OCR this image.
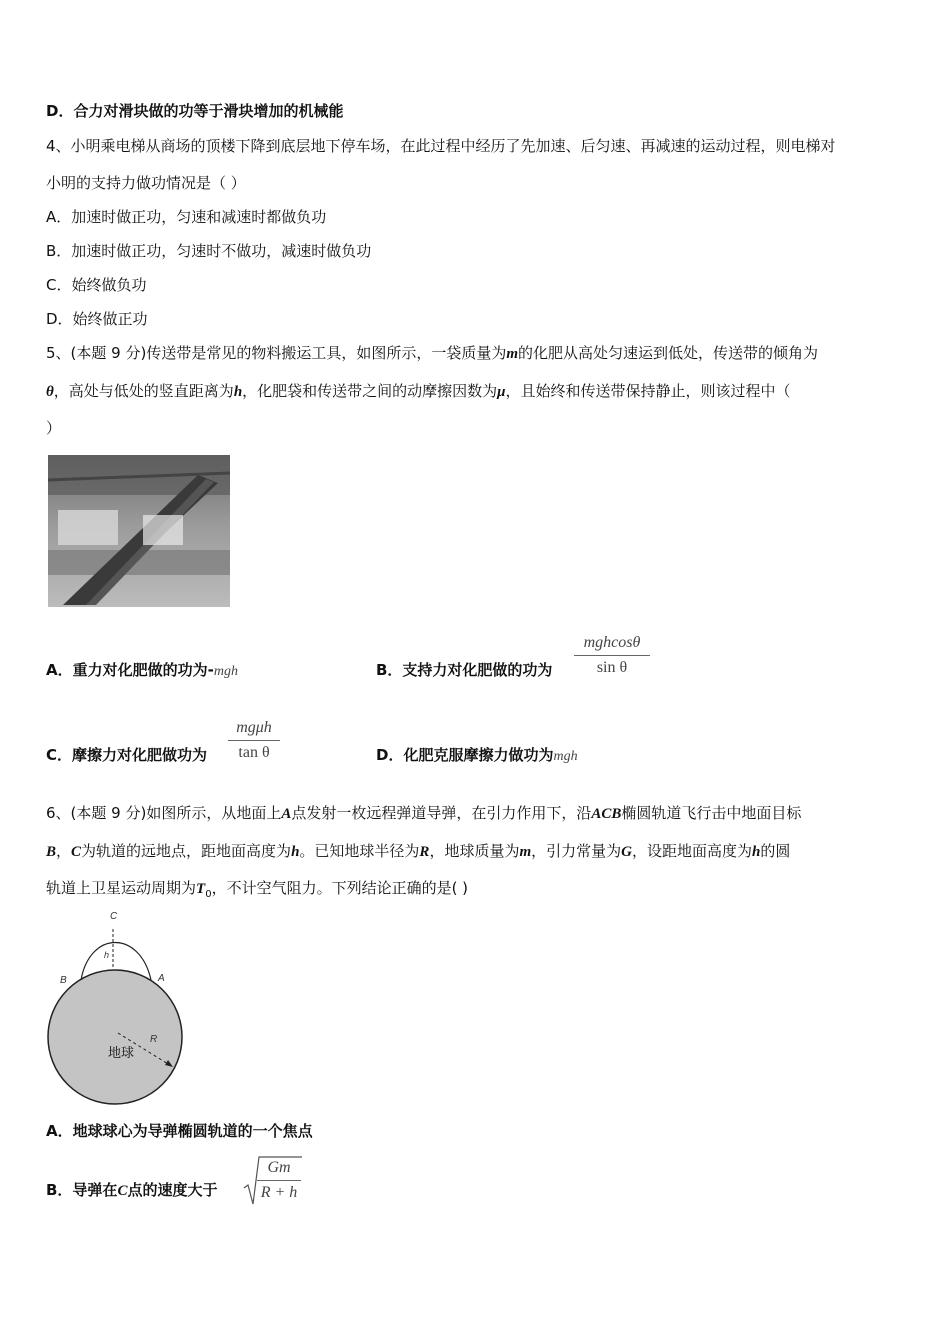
D．合力对滑块做的功等于滑块增加的机械能
4、小明乘电梯从商场的顶楼下降到底层地下停车场，在此过程中经历了先加速、后匀速、再减速的运动过程，则电梯对
小明的支持力做功情况是（ ）
A．加速时做正功，匀速和减速时都做负功
B．加速时做正功，匀速时不做功，减速时做负功
C．始终做负功
D．始终做正功
5、(本题 9 分)传送带是常见的物料搬运工具，如图所示，一袋质量为m的化肥从高处匀速运到低处，传送带的倾角为
θ，高处与低处的竖直距离为h，化肥袋和传送带之间的动摩擦因数为μ，且始终和传送带保持静止，则该过程中（
）
A．重力对化肥做的功为-mgh	B．支持力对化肥做的功为
mghcosθ
sin θ
C．摩擦力对化肥做功为
mgμh
tan θ	D．化肥克服摩擦力做功为mgh
6、(本题 9 分)如图所示，从地面上A点发射一枚远程弹道导弹，在引力作用下，沿ACB椭圆轨道飞行击中地面目标
B，C为轨道的远地点，距地面高度为h。已知地球半径为R，地球质量为m，引力常量为G，设距地面高度为h的圆
轨道上卫星运动周期为$T_0$，不计空气阻力。下列结论正确的是( )
C
h
B	A
R
地球
A．地球球心为导弹椭圆轨道的一个焦点
B．导弹在C点的速度大于
Gm
R + h
